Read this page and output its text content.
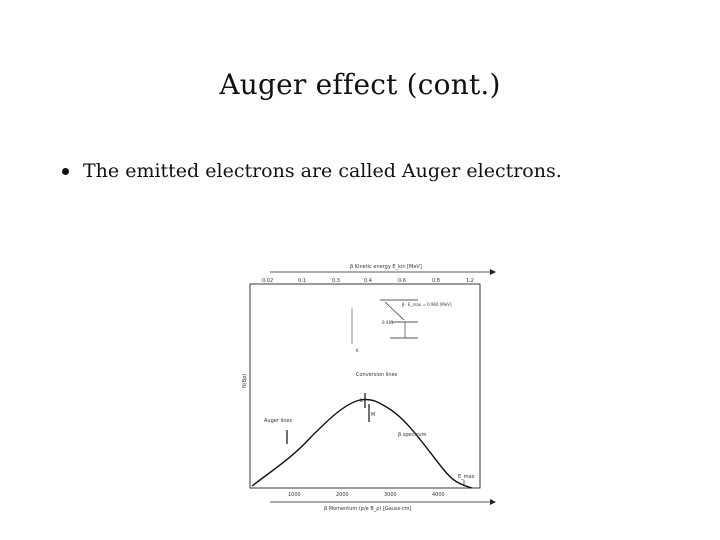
Auger effect (cont.)
The emitted electrons are called Auger electrons.
β Kinetic energy E_kin [MeV]
0.02	0.1	0.3	0.4	0.6	0.8	1.2
N(Bρ)
β⁻ E_max = 0.960 [MeV]
0.411
K
Conversion lines
L
M
Auger lines
β spectrum
E_max
1000	2000	3000	4000
β Momentum (p/e B_ρ) [Gauss·cm]
